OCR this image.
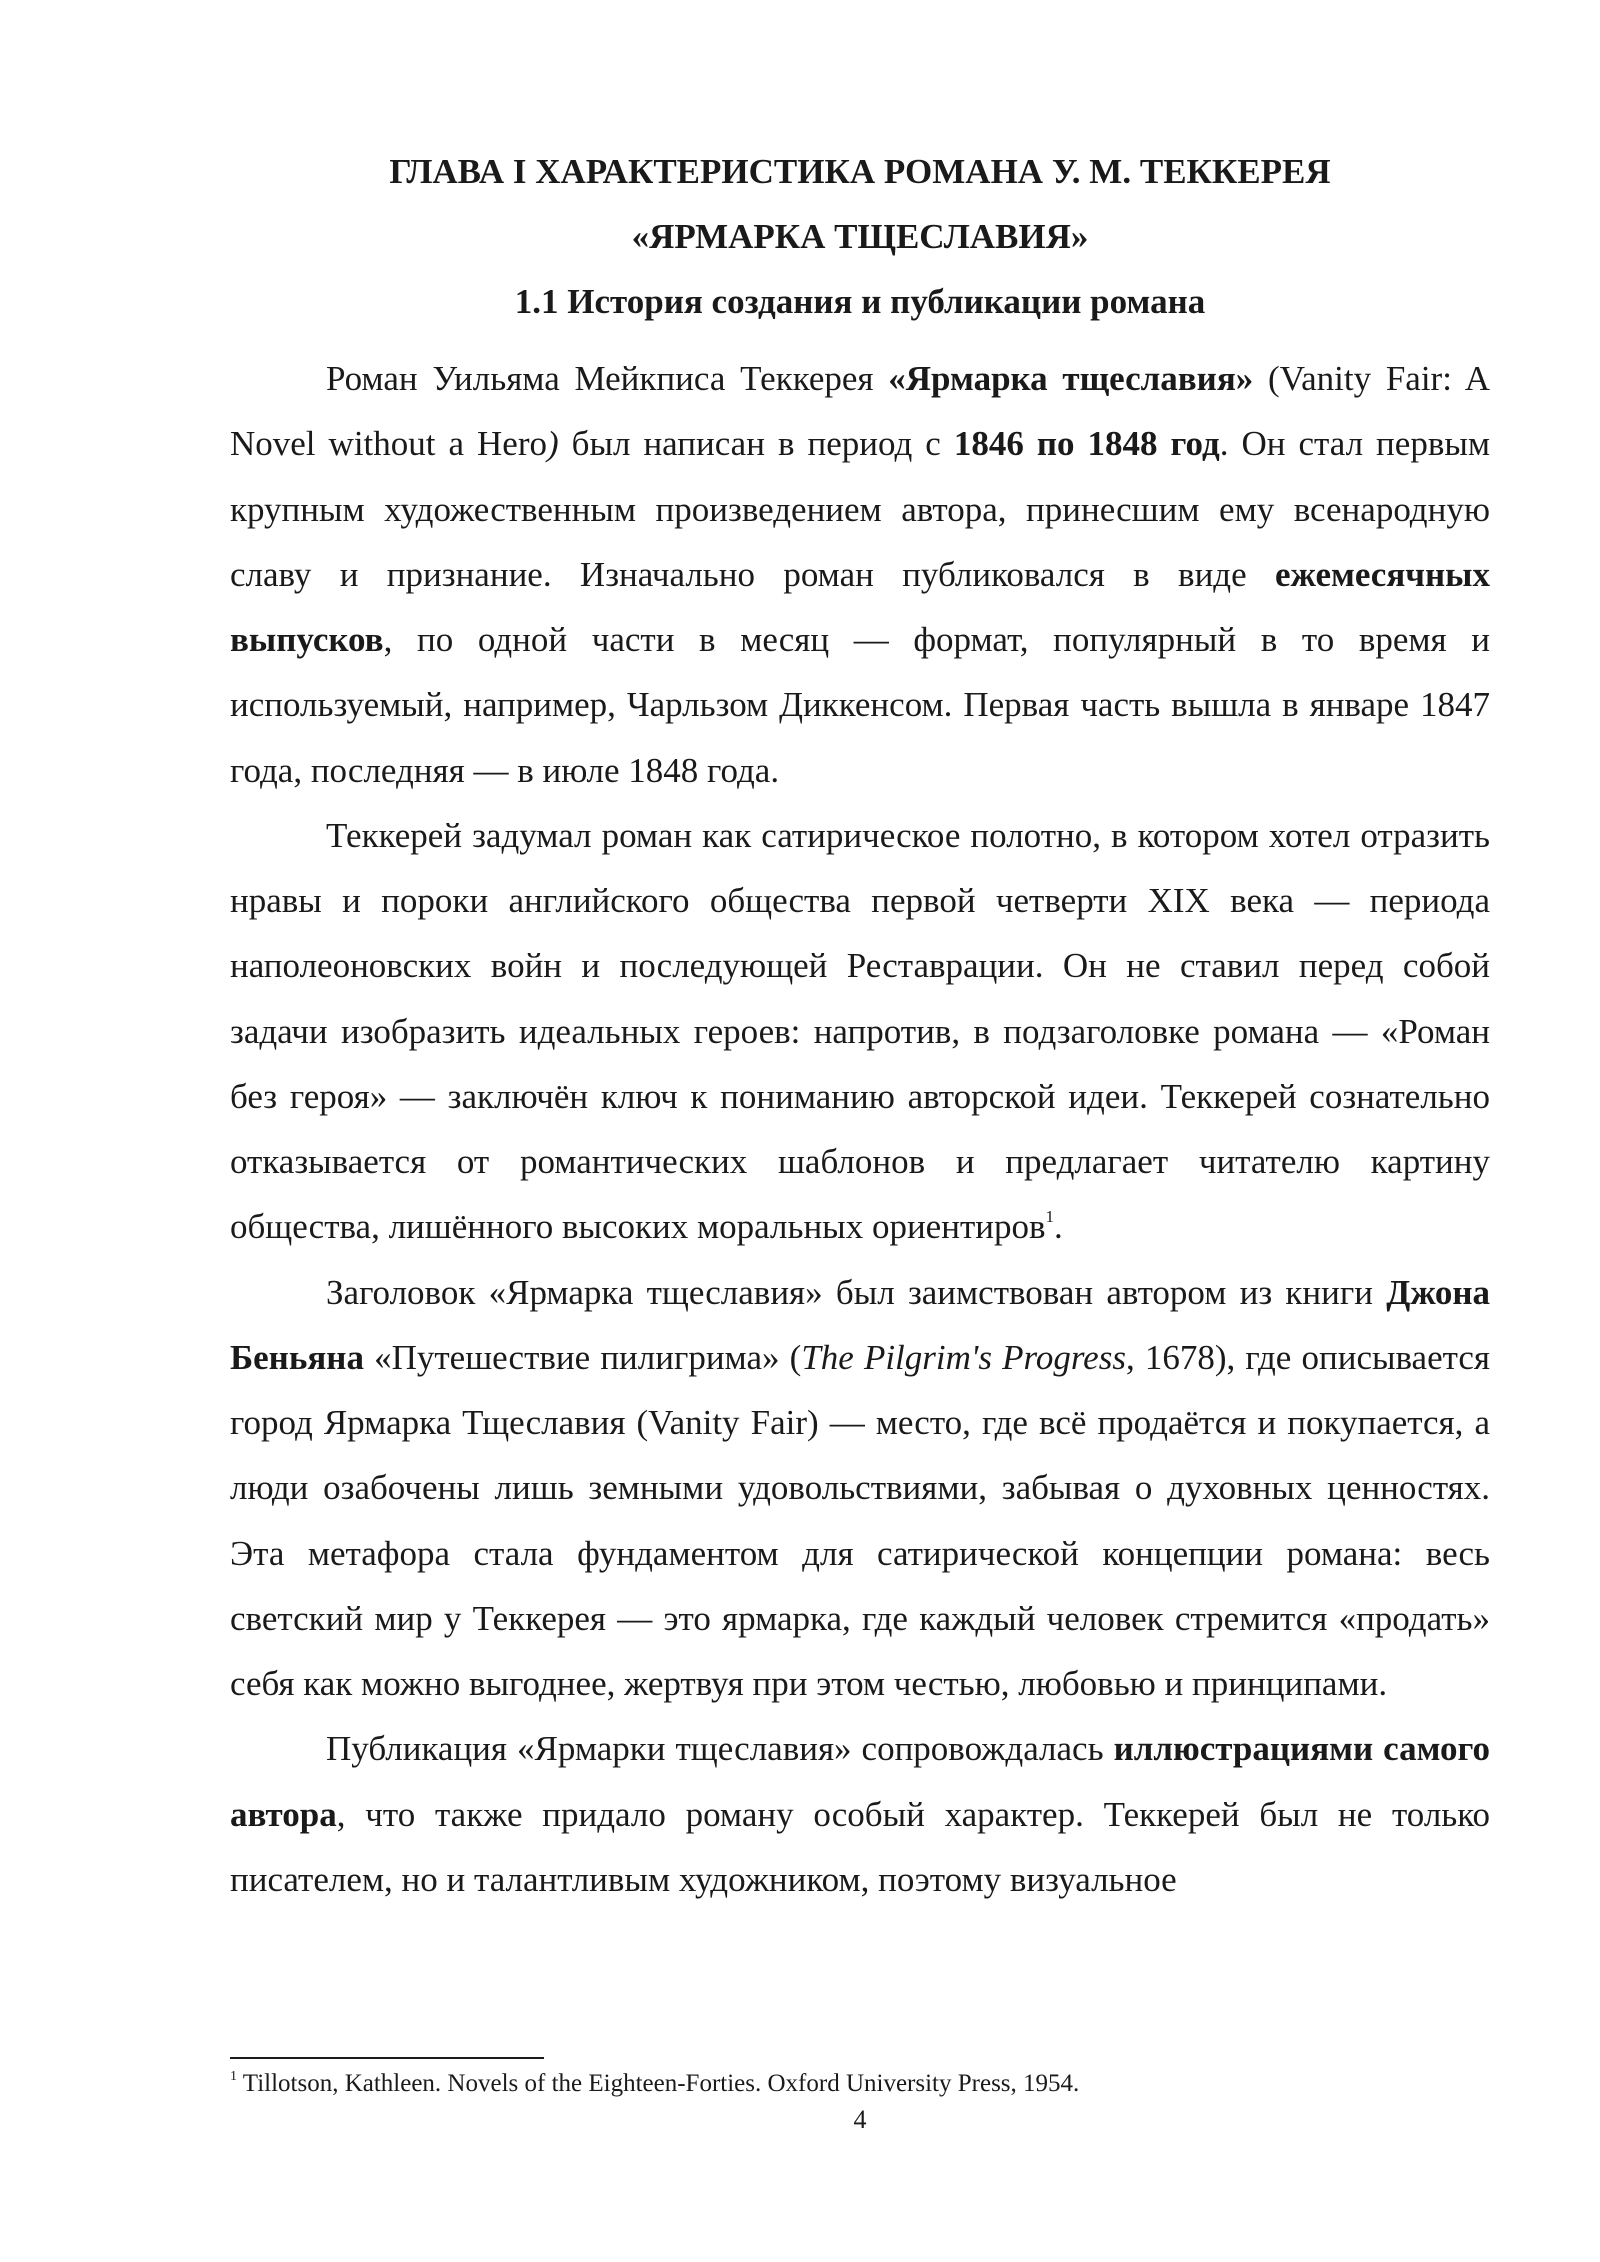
ГЛАВА I ХАРАКТЕРИСТИКА РОМАНА У. М. ТЕККЕРЕЯ
«ЯРМАРКА ТЩЕСЛАВИЯ»
1.1 История создания и публикации романа

Роман Уильяма Мейкписа Теккерея «Ярмарка тщеславия» (Vanity Fair: A Novel without a Hero) был написан в период с 1846 по 1848 год. Он стал первым крупным художественным произведением автора, принесшим ему всенародную славу и признание. Изначально роман публиковался в виде ежемесячных выпусков, по одной части в месяц — формат, популярный в то время и используемый, например, Чарльзом Диккенсом. Первая часть вышла в январе 1847 года, последняя — в июле 1848 года.

Теккерей задумал роман как сатирическое полотно, в котором хотел отразить нравы и пороки английского общества первой четверти XIX века — периода наполеоновских войн и последующей Реставрации. Он не ставил перед собой задачи изобразить идеальных героев: напротив, в подзаголовке романа — «Роман без героя» — заключён ключ к пониманию авторской идеи. Теккерей сознательно отказывается от романтических шаблонов и предлагает читателю картину общества, лишённого высоких моральных ориентиров$^1$.

Заголовок «Ярмарка тщеславия» был заимствован автором из книги Джона Беньяна «Путешествие пилигрима» (The Pilgrim's Progress, 1678), где описывается город Ярмарка Тщеславия (Vanity Fair) — место, где всё продаётся и покупается, а люди озабочены лишь земными удовольствиями, забывая о духовных ценностях. Эта метафора стала фундаментом для сатирической концепции романа: весь светский мир у Теккерея — это ярмарка, где каждый человек стремится «продать» себя как можно выгоднее, жертвуя при этом честью, любовью и принципами.

Публикация «Ярмарки тщеславия» сопровождалась иллюстрациями самого автора, что также придало роману особый характер. Теккерей был не только писателем, но и талантливым художником, поэтому визуальное

$^1$ Tillotson, Kathleen. Novels of the Eighteen-Forties. Oxford University Press, 1954.
4
